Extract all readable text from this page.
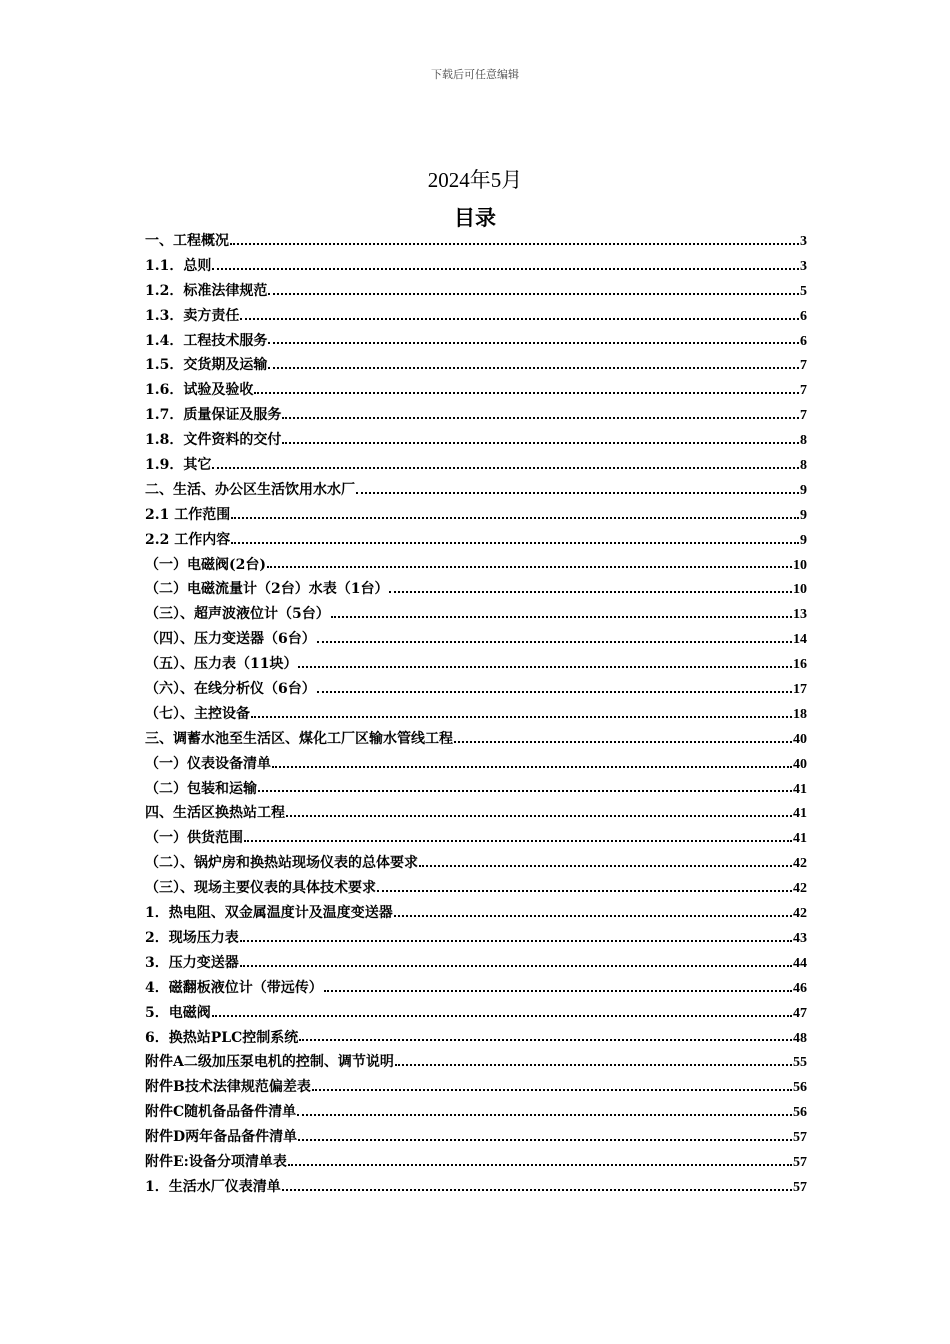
下载后可任意编辑
2024年5月
目录
一、工程概况	3
1.1．总则	3
1.2．标准法律规范	5
1.3．卖方责任	6
1.4．工程技术服务	6
1.5．交货期及运输	7
1.6．试验及验收	7
1.7．质量保证及服务	7
1.8．文件资料的交付	8
1.9．其它	8
二、生活、办公区生活饮用水水厂	9
2.1 工作范围	9
2.2 工作内容	9
（一）电磁阀(2台)	10
（二）电磁流量计（2台）水表（1台）	10
（三）、超声波液位计（5台）	13
（四）、压力变送器（6台）	14
（五）、压力表（11块）	16
（六）、在线分析仪（6台）	17
（七）、主控设备	18
三、调蓄水池至生活区、煤化工厂区输水管线工程	40
（一）仪表设备清单	40
（二）包装和运输	41
四、生活区换热站工程	41
（一）供货范围	41
（二）、锅炉房和换热站现场仪表的总体要求	42
（三）、现场主要仪表的具体技术要求	42
1．热电阻、双金属温度计及温度变送器	42
2．现场压力表	43
3．压力变送器	44
4．磁翻板液位计（带远传）	46
5．电磁阀	47
6．换热站PLC控制系统	48
附件A二级加压泵电机的控制、调节说明	55
附件B技术法律规范偏差表	56
附件C随机备品备件清单	56
附件D两年备品备件清单	57
附件E:设备分项清单表	57
1．生活水厂仪表清单	57
